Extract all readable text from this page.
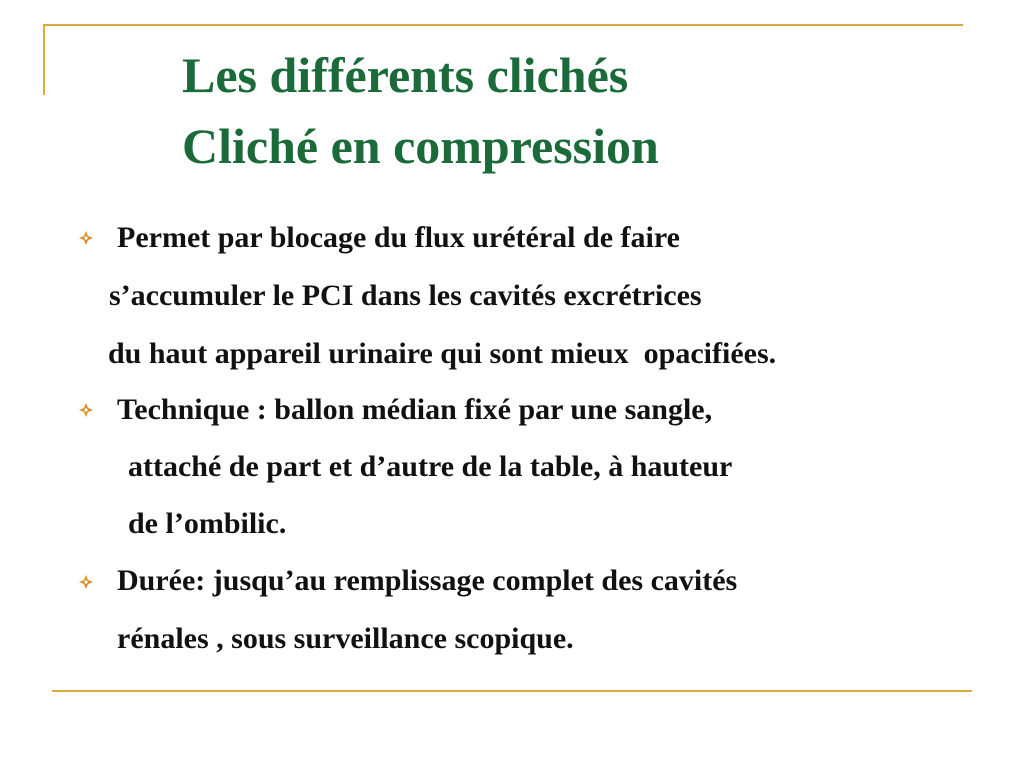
Les différents clichés
Cliché en compression

Permet par blocage du flux urétéral de faire

s’accumuler le PCI dans les cavités excrétrices

du haut appareil urinaire qui sont mieux  opacifiées.

Technique : ballon médian fixé par une sangle,

attaché de part et d’autre de la table, à hauteur

de l’ombilic.

Durée: jusqu’au remplissage complet des cavités

rénales , sous surveillance scopique.
